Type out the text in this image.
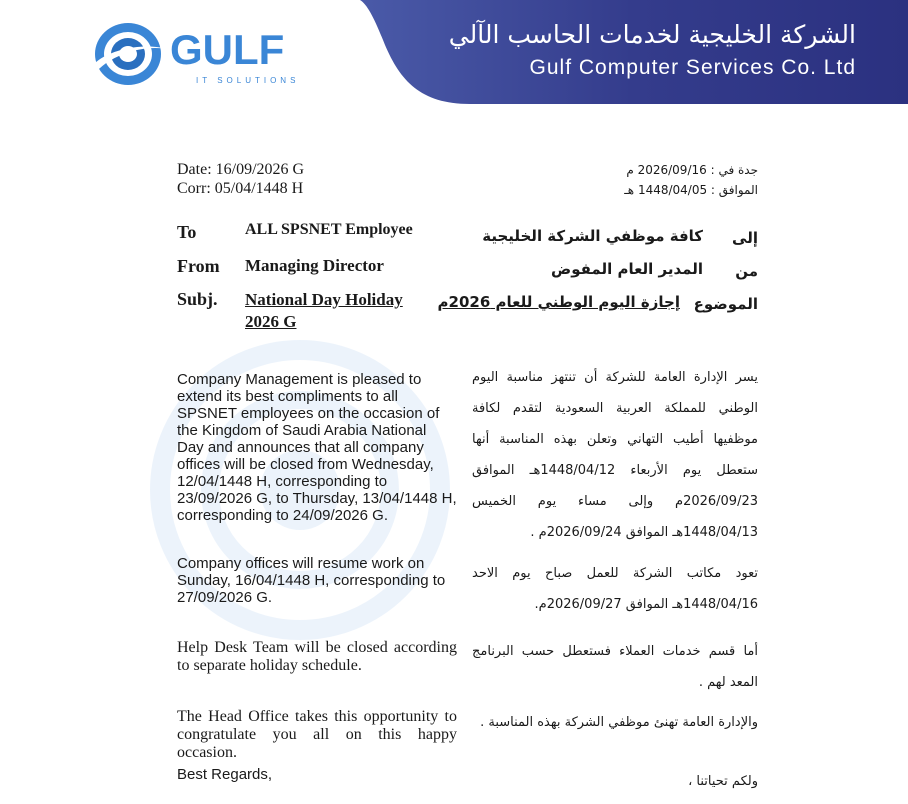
GULF
IT SOLUTIONS
الشركة الخليجية لخدمات الحاسب الآلي
Gulf Computer Services Co. Ltd
Date: 16/09/2026 G
Corr: 05/04/1448 H
جدة في : 2026/09/16 م
الموافق : 1448/04/05 هـ
To	ALL SPSNET Employee
From Managing Director
Subj. National Day Holiday
2026 G
إلى
كافة موظفي الشركة الخليجية
من
المدير العام المفوض
الموضوع
إجازة اليوم الوطني للعام 2026م
Company Management is pleased to extend its best compliments to all SPSNET employees on the occasion of the Kingdom of Saudi Arabia National Day and announces that all company offices will be closed from Wednesday, 12/04/1448 H, corresponding to 23/09/2026 G, to Thursday, 13/04/1448 H, corresponding to 24/09/2026 G.
Company offices will resume work on Sunday, 16/04/1448 H, corresponding to 27/09/2026 G.
Help Desk Team will be closed according to separate holiday schedule.
The Head Office takes this opportunity to congratulate you all on this happy occasion.
Best Regards,
يسر الإدارة العامة للشركة أن تنتهز مناسبة اليوم الوطني للمملكة العربية السعودية لتقدم لكافة موظفيها أطيب التهاني وتعلن بهذه المناسبة أنها ستعطل يوم الأربعاء 1448/04/12هـ الموافق 2026/09/23م وإلى مساء يوم الخميس 1448/04/13هـ الموافق 2026/09/24م .
تعود مكاتب الشركة للعمل صباح يوم الاحد 1448/04/16هـ الموافق 2026/09/27م.
أما قسم خدمات العملاء فستعطل حسب البرنامج المعد لهم .
والإدارة العامة تهنئ موظفي الشركة بهذه المناسبة .
ولكم تحياتنا ،
